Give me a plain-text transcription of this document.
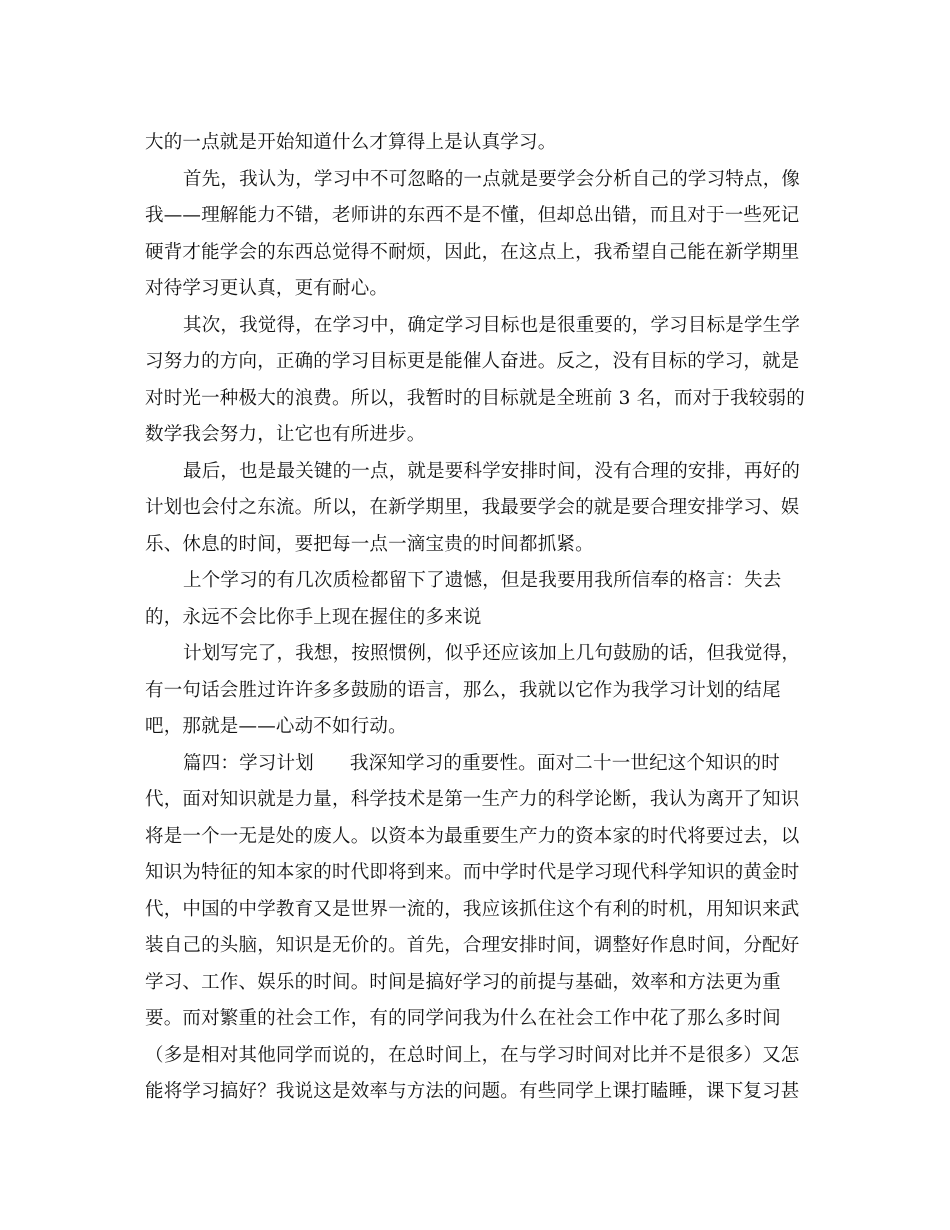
大的一点就是开始知道什么才算得上是认真学习。
首先，我认为，学习中不可忽略的一点就是要学会分析自己的学习特点，像
我——理解能力不错，老师讲的东西不是不懂，但却总出错，而且对于一些死记
硬背才能学会的东西总觉得不耐烦，因此，在这点上，我希望自己能在新学期里
对待学习更认真，更有耐心。
其次，我觉得，在学习中，确定学习目标也是很重要的，学习目标是学生学
习努力的方向，正确的学习目标更是能催人奋进。反之，没有目标的学习，就是
对时光一种极大的浪费。所以，我暂时的目标就是全班前 3 名，而对于我较弱的
数学我会努力，让它也有所进步。
最后，也是最关键的一点，就是要科学安排时间，没有合理的安排，再好的
计划也会付之东流。所以，在新学期里，我最要学会的就是要合理安排学习、娱
乐、休息的时间，要把每一点一滴宝贵的时间都抓紧。
上个学习的有几次质检都留下了遗憾，但是我要用我所信奉的格言：失去
的，永远不会比你手上现在握住的多来说
计划写完了，我想，按照惯例，似乎还应该加上几句鼓励的话，但我觉得，
有一句话会胜过许许多多鼓励的语言，那么，我就以它作为我学习计划的结尾
吧，那就是——心动不如行动。
篇四：学习计划 我深知学习的重要性。面对二十一世纪这个知识的时
代，面对知识就是力量，科学技术是第一生产力的科学论断，我认为离开了知识
将是一个一无是处的废人。以资本为最重要生产力的资本家的时代将要过去，以
知识为特征的知本家的时代即将到来。而中学时代是学习现代科学知识的黄金时
代，中国的中学教育又是世界一流的，我应该抓住这个有利的时机，用知识来武
装自己的头脑，知识是无价的。首先，合理安排时间，调整好作息时间，分配好
学习、工作、娱乐的时间。时间是搞好学习的前提与基础，效率和方法更为重
要。而对繁重的社会工作，有的同学问我为什么在社会工作中花了那么多时间
（多是相对其他同学而说的，在总时间上，在与学习时间对比并不是很多）又怎
能将学习搞好？我说这是效率与方法的问题。有些同学上课打瞌睡，课下复习甚
